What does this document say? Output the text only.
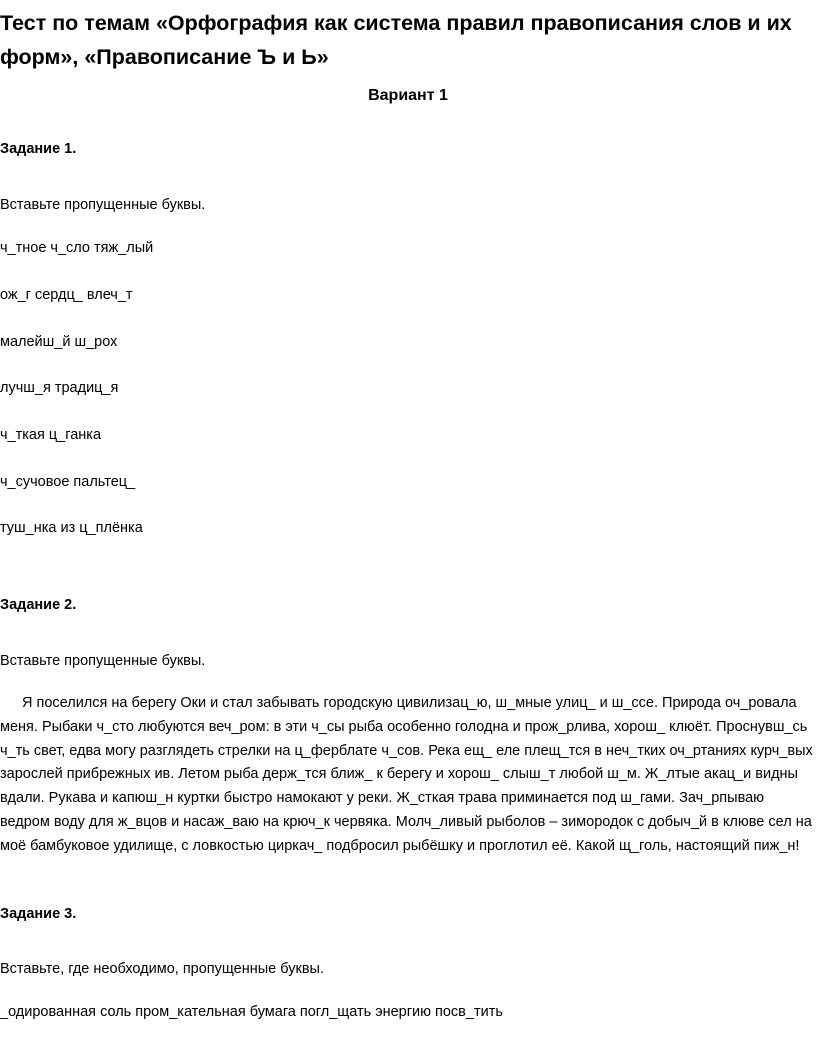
Тест по темам «Орфография как система правил правописания слов и их форм», «Правописание Ъ и Ь»
Вариант 1
Задание 1.
Вставьте пропущенные буквы.
ч_тное ч_сло тяж_лый
ож_г сердц_ влеч_т
малейш_й ш_рох
лучш_я традиц_я
ч_ткая ц_ганка
ч_сучовое пальтец_
туш_нка из ц_плёнка
Задание 2.
Вставьте пропущенные буквы.

Я поселился на берегу Оки и стал забывать городскую цивилизац_ю, ш_мные улиц_ и ш_ссе. Природа оч_ровала меня. Рыбаки ч_сто любуются веч_ром: в эти ч_сы рыба особенно голодна и прож_рлива, хорош_ клюёт. Проснувш_сь ч_ть свет, едва могу разглядеть стрелки на ц_ферблате ч_сов. Река ещ_ еле плещ_тся в неч_тких оч_ртаниях курч_вых зарослей прибрежных ив. Летом рыба держ_тся ближ_ к берегу и хорош_ слыш_т любой ш_м. Ж_лтые акац_и видны вдали. Рукава и капюш_н куртки быстро намокают у реки. Ж_сткая трава приминается под ш_гами. Зач_рпываю ведром воду для ж_вцов и насаж_ваю на крюч_к червяка. Молч_ливый рыболов – зимородок с добыч_й в клюве сел на моё бамбуковое удилище, с ловкостью циркач_ подбросил рыбёшку и проглотил её. Какой щ_голь, настоящий пиж_н!

Задание 3.
Вставьте, где необходимо, пропущенные буквы.
_одированная соль пром_кательная бумага погл_щать энергию посв_тить
